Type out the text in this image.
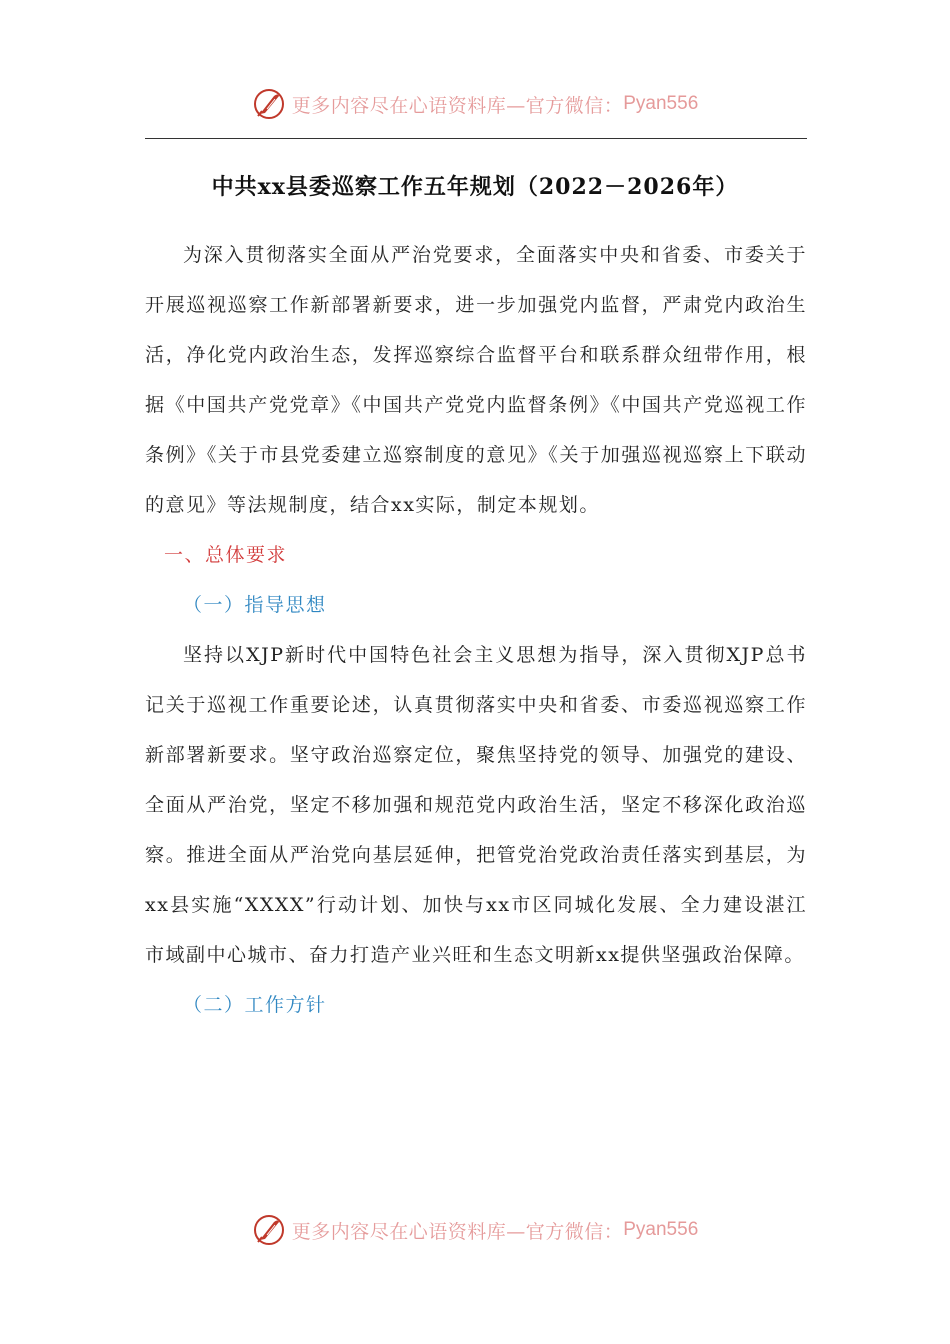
更多内容尽在心语资料库—官方微信： Pyan556
中共xx县委巡察工作五年规划（2022－2026年）

为深入贯彻落实全面从严治党要求，全面落实中央和省委、市委关于开展巡视巡察工作新部署新要求，进一步加强党内监督，严肃党内政治生活，净化党内政治生态，发挥巡察综合监督平台和联系群众纽带作用，根据《中国共产党党章》《中国共产党党内监督条例》《中国共产党巡视工作条例》《关于市县党委建立巡察制度的意见》《关于加强巡视巡察上下联动的意见》等法规制度，结合xx实际，制定本规划。

一、总体要求

（一）指导思想

坚持以XJP新时代中国特色社会主义思想为指导，深入贯彻XJP总书记关于巡视工作重要论述，认真贯彻落实中央和省委、市委巡视巡察工作新部署新要求。坚守政治巡察定位，聚焦坚持党的领导、加强党的建设、全面从严治党，坚定不移加强和规范党内政治生活，坚定不移深化政治巡察。推进全面从严治党向基层延伸，把管党治党政治责任落实到基层，为xx县实施“XXXX”行动计划、加快与xx市区同城化发展、全力建设湛江市域副中心城市、奋力打造产业兴旺和生态文明新xx提供坚强政治保障。

（二）工作方针

更多内容尽在心语资料库—官方微信： Pyan556
